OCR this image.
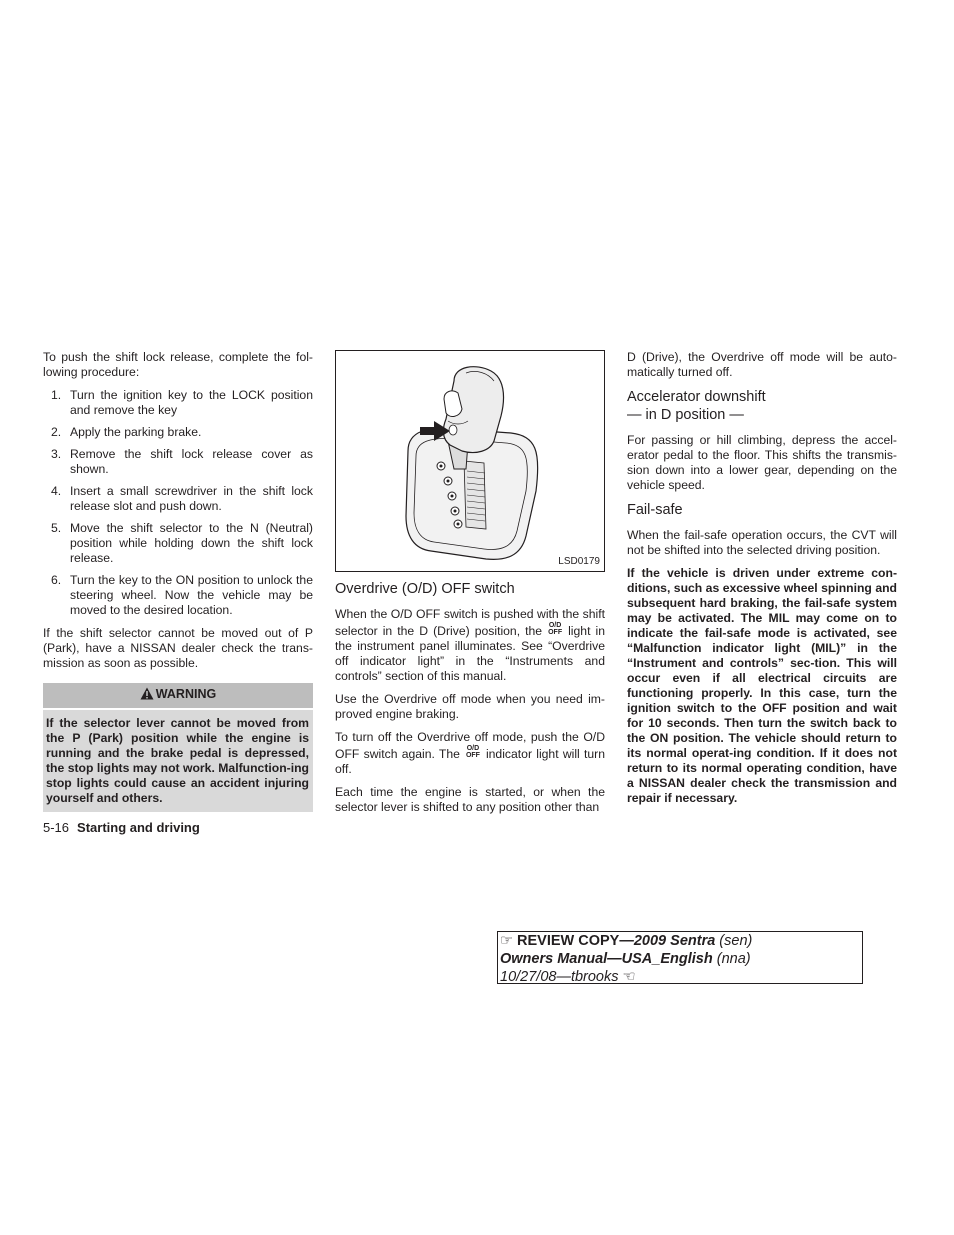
To push the shift lock release, complete the fol-lowing procedure:

1. Turn the ignition key to the LOCK position and remove the key
2. Apply the parking brake.
3. Remove the shift lock release cover as shown.
4. Insert a small screwdriver in the shift lock release slot and push down.
5. Move the shift selector to the N (Neutral) position while holding down the shift lock release.
6. Turn the key to the ON position to unlock the steering wheel. Now the vehicle may be moved to the desired location.

If the shift selector cannot be moved out of P (Park), have a NISSAN dealer check the trans-mission as soon as possible.

WARNING
If the selector lever cannot be moved from the P (Park) position while the engine is running and the brake pedal is depressed, the stop lights may not work. Malfunction-ing stop lights could cause an accident injuring yourself and others.
5-16 Starting and driving
LSD0179
Overdrive (O/D) OFF switch

When the O/D OFF switch is pushed with the shift selector in the D (Drive) position, the O/D
OFF light in the instrument panel illuminates. See “Overdrive off indicator light” in the “Instruments and controls” section of this manual.

Use the Overdrive off mode when you need im-proved engine braking.

To turn off the Overdrive off mode, push the O/D OFF switch again. The O/D
OFF indicator light will turn off.

Each time the engine is started, or when the selector lever is shifted to any position other than

D (Drive), the Overdrive off mode will be auto-matically turned off.

Accelerator downshift
— in D position —

For passing or hill climbing, depress the accel-erator pedal to the floor. This shifts the transmis-sion down into a lower gear, depending on the vehicle speed.

Fail-safe

When the fail-safe operation occurs, the CVT will not be shifted into the selected driving position.

If the vehicle is driven under extreme con-ditions, such as excessive wheel spinning and subsequent hard braking, the fail-safe system may be activated. The MIL may come on to indicate the fail-safe mode is activated, see “Malfunction indicator light (MIL)” in the “Instrument and controls” sec-tion. This will occur even if all electrical circuits are functioning properly. In this case, turn the ignition switch to the OFF position and wait for 10 seconds. Then turn the switch back to the ON position. The vehicle should return to its normal operat-ing condition. If it does not return to its normal operating condition, have a NISSAN dealer check the transmission and repair if necessary.

☞ REVIEW COPY—2009 Sentra (sen)
Owners Manual—USA_English (nna)
10/27/08—tbrooks ☜
